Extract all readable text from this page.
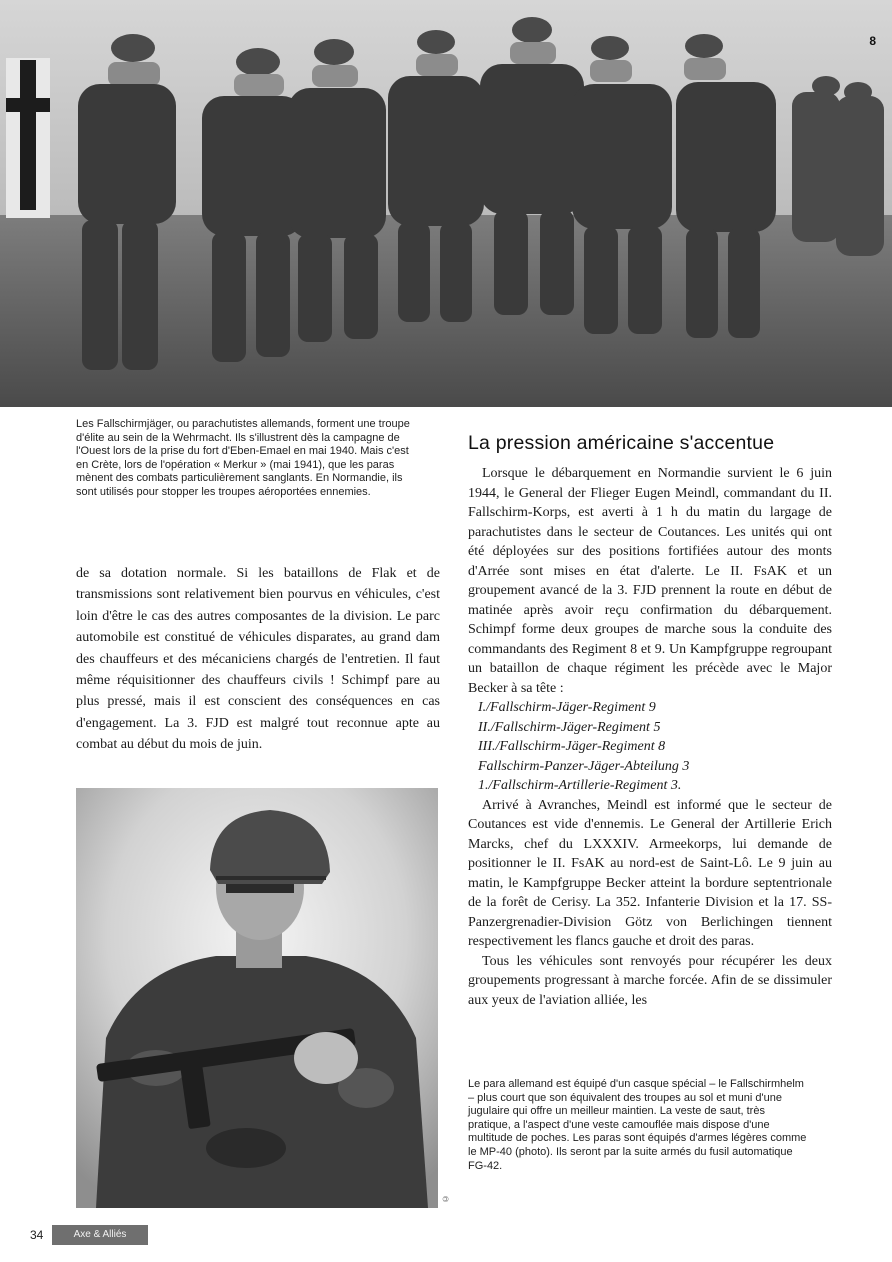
8

Les Fallschirmjäger, ou parachutistes allemands, forment une troupe d'élite au sein de la Wehrmacht. Ils s'illustrent dès la campagne de l'Ouest lors de la prise du fort d'Eben-Emael en mai 1940. Mais c'est en Crète, lors de l'opération « Merkur » (mai 1941), que les paras mènent des combats particulièrement sanglants. En Normandie, ils sont utilisés pour stopper les troupes aéroportées ennemies.

de sa dotation normale. Si les bataillons de Flak et de transmissions sont relativement bien pourvus en véhicules, c'est loin d'être le cas des autres composantes de la division. Le parc automobile est constitué de véhicules disparates, au grand dam des chauffeurs et des mécaniciens chargés de l'entretien. Il faut même réquisitionner des chauffeurs civils ! Schimpf pare au plus pressé, mais il est conscient des conséquences en cas d'engagement. La 3. FJD est malgré tout reconnue apte au combat au début du mois de juin.

La pression américaine s'accentue

Lorsque le débarquement en Normandie survient le 6 juin 1944, le General der Flieger Eugen Meindl, commandant du II. Fallschirm-Korps, est averti à 1 h du matin du largage de parachutistes dans le secteur de Coutances. Les unités qui ont été déployées sur des positions fortifiées autour des monts d'Arrée sont mises en état d'alerte. Le II. FsAK et un groupement avancé de la 3. FJD prennent la route en début de matinée après avoir reçu confirmation du débarquement. Schimpf forme deux groupes de marche sous la conduite des commandants des Regiment 8 et 9. Un Kampfgruppe regroupant un bataillon de chaque régiment les précède avec le Major Becker à sa tête :

I./Fallschirm-Jäger-Regiment 9
II./Fallschirm-Jäger-Regiment 5
III./Fallschirm-Jäger-Regiment 8
Fallschirm-Panzer-Jäger-Abteilung 3
1./Fallschirm-Artillerie-Regiment 3.

Arrivé à Avranches, Meindl est informé que le secteur de Coutances est vide d'ennemis. Le General der Artillerie Erich Marcks, chef du LXXXIV. Armeekorps, lui demande de positionner le II. FsAK au nord-est de Saint-Lô. Le 9 juin au matin, le Kampfgruppe Becker atteint la bordure septentrionale de la forêt de Cerisy. La 352. Infanterie Division et la 17. SS-Panzergrenadier-Division Götz von Berlichingen tiennent respectivement les flancs gauche et droit des paras.

Tous les véhicules sont renvoyés pour récupérer les deux groupements progressant à marche forcée. Afin de se dissimuler aux yeux de l'aviation alliée, les

©

Le para allemand est équipé d'un casque spécial – le Fallschirmhelm – plus court que son équivalent des troupes au sol et muni d'une jugulaire qui offre un meilleur maintien. La veste de saut, très pratique, a l'aspect d'une veste camouflée mais dispose d'une multitude de poches. Les paras sont équipés d'armes légères comme le MP-40 (photo). Ils seront par la suite armés du fusil automatique FG-42.

34	Axe & Alliés
